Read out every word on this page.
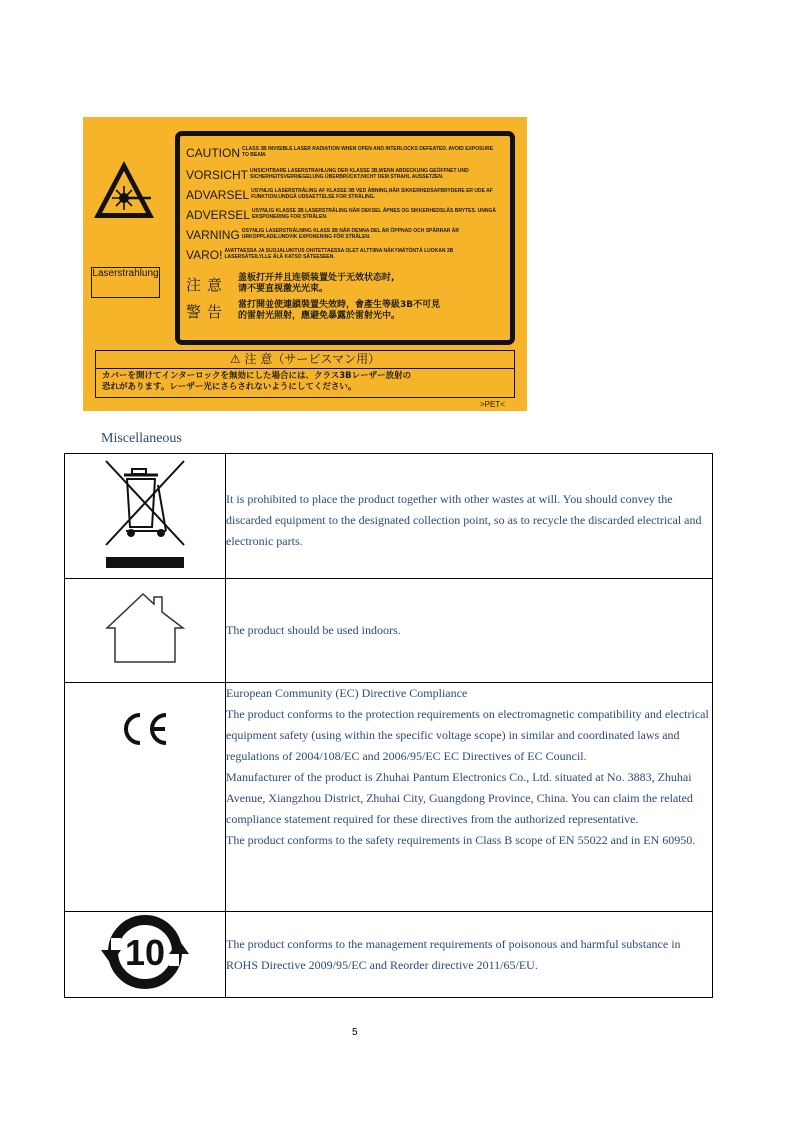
Laserstrahlung
CAUTION CLASS 3B INVISIBLE LASER RADIATION WHEN OPEN AND INTERLOCKS DEFEATED. AVOID EXPOSURE TO BEAM.
VORSICHT UNSICHTBARE LASERSTRAHLUNG DER KLASSE 3B,WENN ABDECKUNG GEÖFFNET UND SICHERHEITSVERRIEGELUNG ÜBERBRÜCKT.NICHT DEM STRAHL AUSSETZEN.
ADVARSEL USYNLIG LASERSTRÅLING AF KLASSE 3B VED ÅBNING,NÅR SIKKERHEDSAFBRYDERE ER UDE AF FUNKTION.UNDGÅ UDSAETTELSE FOR STRÅLING.
ADVERSEL USYNLIG KLASSE 3B LASERSTRÅLING NÅR DEKSEL ÅPNES OG SIKKERHEDSLÅS BRYTES. UNNGÅ EKSPONERING FOR STRÅLEN.
VARNING OSYNLIG LASERSTRÅLNING KLASS 3B NÄR DENNA DEL ÄR ÖPPNAD OCH SPÄRRAR ÄR URKOPPLADE.UNDVIK EXPONERING FÖR STRÅLEN.
VARO! AVATTAESSA JA SUOJALUKITUS OHITETTAESSA OLET ALTTIINA NÄKYMÄTÖNTÄ LUOKAN 3B LASERSÄTEILYLLE ÄLÄ KATSO SÄTEESEEN.
注意	盖板打开并且连锁装置处于无效状态时,
请不要直视激光光束。
警告	當打開並使連鎖裝置失效時，會產生等級3B不可見
的雷射光照射，應避免暴露於雷射光中。
⚠ 注 意（サービスマン用）
カバーを開けてインターロックを無効にした場合には、クラス3Bレーザー放射の
恐れがあります。レーザー光にさらされないようにしてください。
>PET<
Miscellaneous

It is prohibited to place the product together with other wastes at will. You should convey the discarded equipment to the designated collection point, so as to recycle the discarded electrical and electronic parts.

The product should be used indoors.

European Community (EC) Directive Compliance

The product conforms to the protection requirements on electromagnetic compatibility and electrical equipment safety (using within the specific voltage scope) in similar and coordinated laws and regulations of 2004/108/EC and 2006/95/EC EC Directives of EC Council.

Manufacturer of the product is Zhuhai Pantum Electronics Co., Ltd. situated at No. 3883, Zhuhai Avenue, Xiangzhou District, Zhuhai City, Guangdong Province, China. You can claim the related compliance statement required for these directives from the authorized representative.

The product conforms to the safety requirements in Class B scope of EN 55022 and in EN 60950.

10	The product conforms to the management requirements of poisonous and harmful substance in ROHS Directive 2009/95/EC and Reorder directive 2011/65/EU.

5
